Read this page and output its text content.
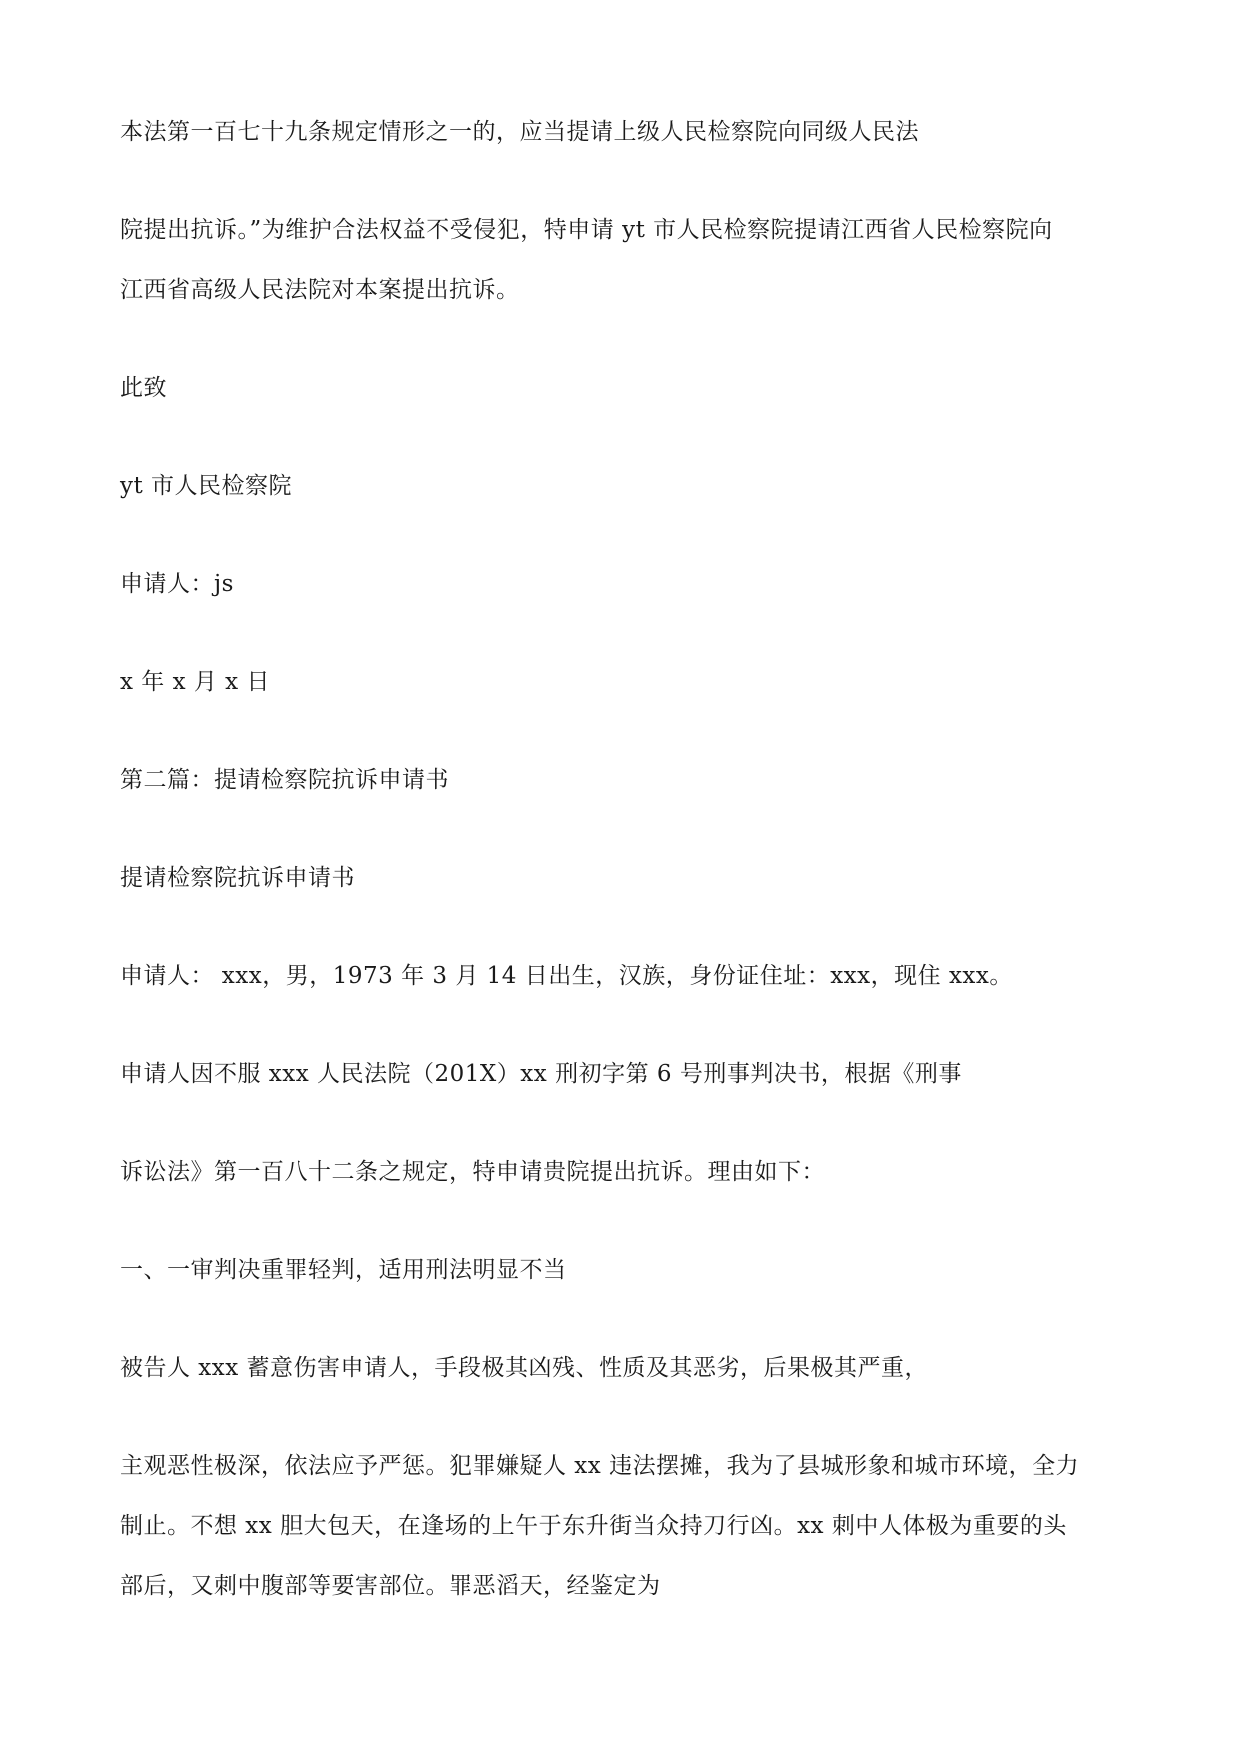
本法第一百七十九条规定情形之一的，应当提请上级人民检察院向同级人民法
院提出抗诉。”为维护合法权益不受侵犯，特申请 yt 市人民检察院提请江西省人民检察院向
江西省高级人民法院对本案提出抗诉。
此致
yt 市人民检察院
申请人：js
x 年 x 月 x 日
第二篇：提请检察院抗诉申请书
提请检察院抗诉申请书
申请人： xxx，男，1973 年 3 月 14 日出生，汉族，身份证住址：xxx，现住 xxx。
申请人因不服 xxx 人民法院（201X）xx 刑初字第 6 号刑事判决书，根据《刑事
诉讼法》第一百八十二条之规定，特申请贵院提出抗诉。理由如下：
一、一审判决重罪轻判，适用刑法明显不当
被告人 xxx 蓄意伤害申请人，手段极其凶残、性质及其恶劣，后果极其严重，
主观恶性极深，依法应予严惩。犯罪嫌疑人 xx 违法摆摊，我为了县城形象和城市环境，全力
制止。不想 xx 胆大包天，在逢场的上午于东升街当众持刀行凶。xx 刺中人体极为重要的头
部后，又刺中腹部等要害部位。罪恶滔天，经鉴定为
